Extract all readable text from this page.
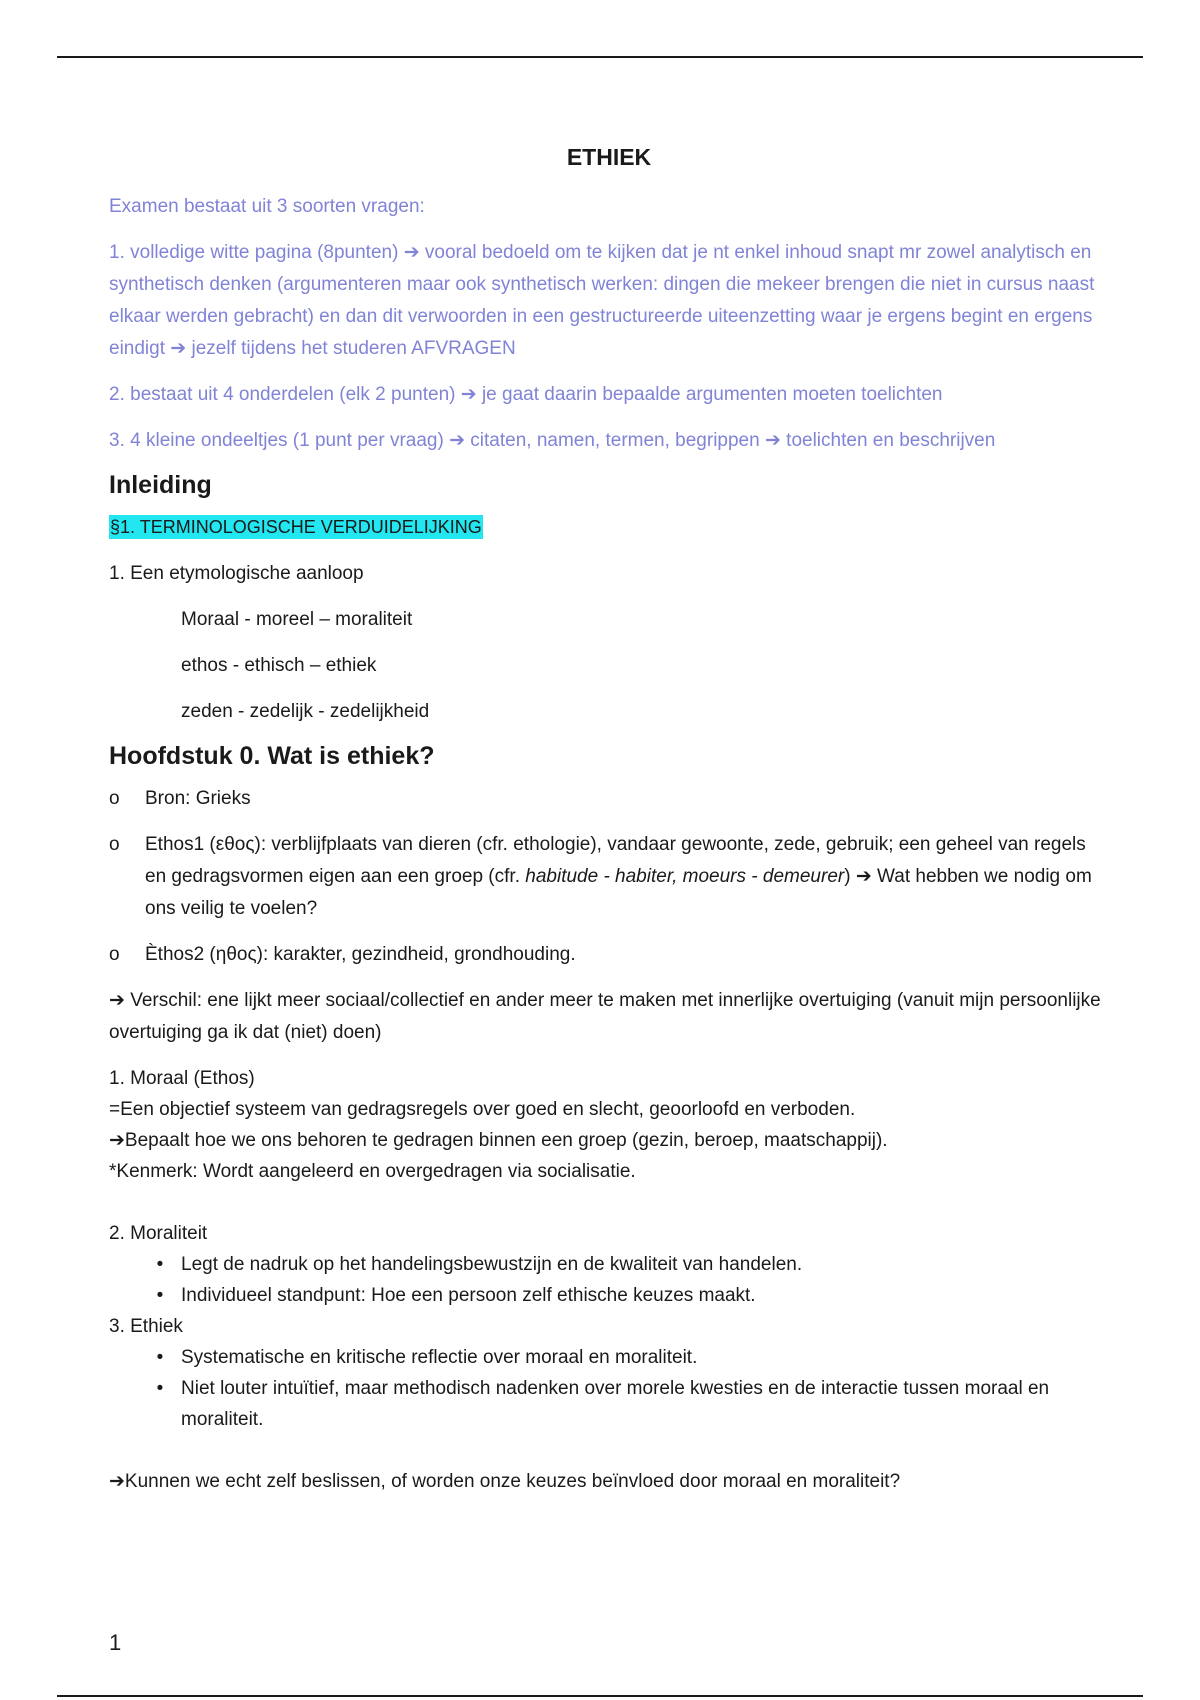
ETHIEK

Examen bestaat uit 3 soorten vragen:

1. volledige witte pagina (8punten) ➔ vooral bedoeld om te kijken dat je nt enkel inhoud snapt mr zowel analytisch en synthetisch denken (argumenteren maar ook synthetisch werken: dingen die mekeer brengen die niet in cursus naast elkaar werden gebracht) en dan dit verwoorden in een gestructureerde uiteenzetting waar je ergens begint en ergens eindigt ➔ jezelf tijdens het studeren AFVRAGEN

2. bestaat uit 4 onderdelen (elk 2 punten) ➔ je gaat daarin bepaalde argumenten moeten toelichten

3. 4 kleine ondeeltjes (1 punt per vraag) ➔ citaten, namen, termen, begrippen ➔ toelichten en beschrijven

Inleiding

§1. TERMINOLOGISCHE VERDUIDELIJKING

1. Een etymologische aanloop

Moraal - moreel – moraliteit

ethos - ethisch – ethiek

zeden - zedelijk - zedelijkheid

Hoofdstuk 0. Wat is ethiek?

o	Bron: Grieks

o	Ethos1 (εθος): verblijfplaats van dieren (cfr. ethologie), vandaar gewoonte, zede, gebruik; een geheel van regels en gedragsvormen eigen aan een groep (cfr. habitude - habiter, moeurs - demeurer) ➔ Wat hebben we nodig om ons veilig te voelen?

o	Èthos2 (ηθος): karakter, gezindheid, grondhouding.

➔ Verschil: ene lijkt meer sociaal/collectief en ander meer te maken met innerlijke overtuiging (vanuit mijn persoonlijke overtuiging ga ik dat (niet) doen)

1. Moraal (Ethos)

=Een objectief systeem van gedragsregels over goed en slecht, geoorloofd en verboden.

➔Bepaalt hoe we ons behoren te gedragen binnen een groep (gezin, beroep, maatschappij).

*Kenmerk: Wordt aangeleerd en overgedragen via socialisatie.

2. Moraliteit

• Legt de nadruk op het handelingsbewustzijn en de kwaliteit van handelen.
• Individueel standpunt: Hoe een persoon zelf ethische keuzes maakt.

3. Ethiek

• Systematische en kritische reflectie over moraal en moraliteit.
• Niet louter intuïtief, maar methodisch nadenken over morele kwesties en de interactie tussen moraal en moraliteit.

➔Kunnen we echt zelf beslissen, of worden onze keuzes beïnvloed door moraal en moraliteit?

1
